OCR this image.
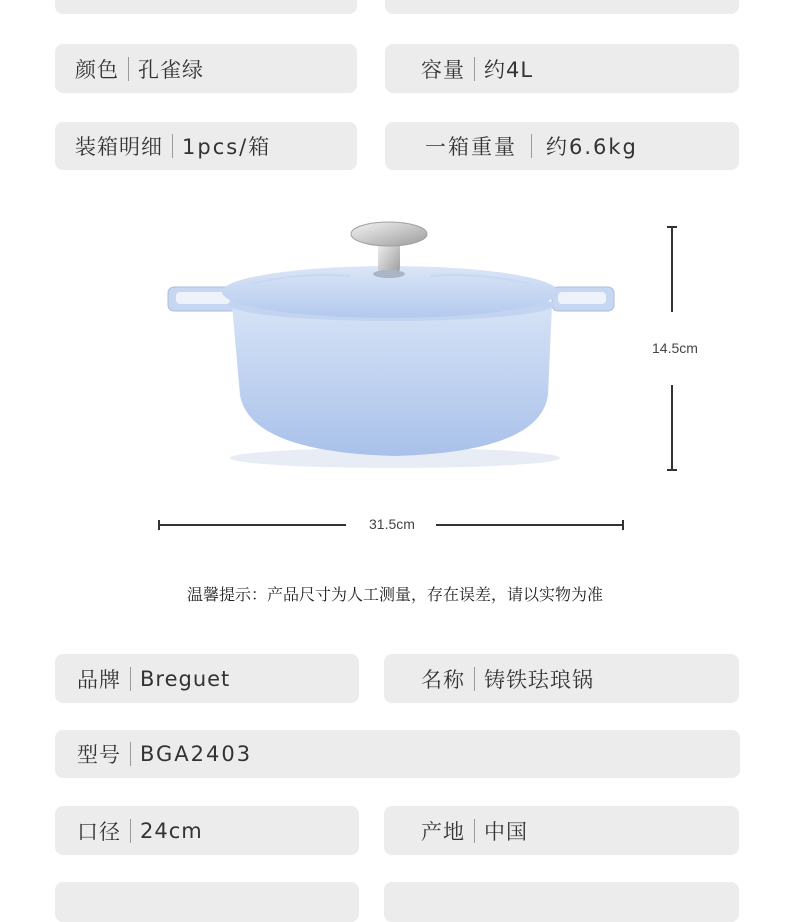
颜色 孔雀绿	容量 约4L
装箱明细 1pcs/箱	一箱重量 约6.6kg
14.5cm
31.5cm
温馨提示：产品尺寸为人工测量，存在误差，请以实物为准
品牌 Breguet	名称 铸铁珐琅锅
型号 BGA2403
口径 24cm	产地 中国
